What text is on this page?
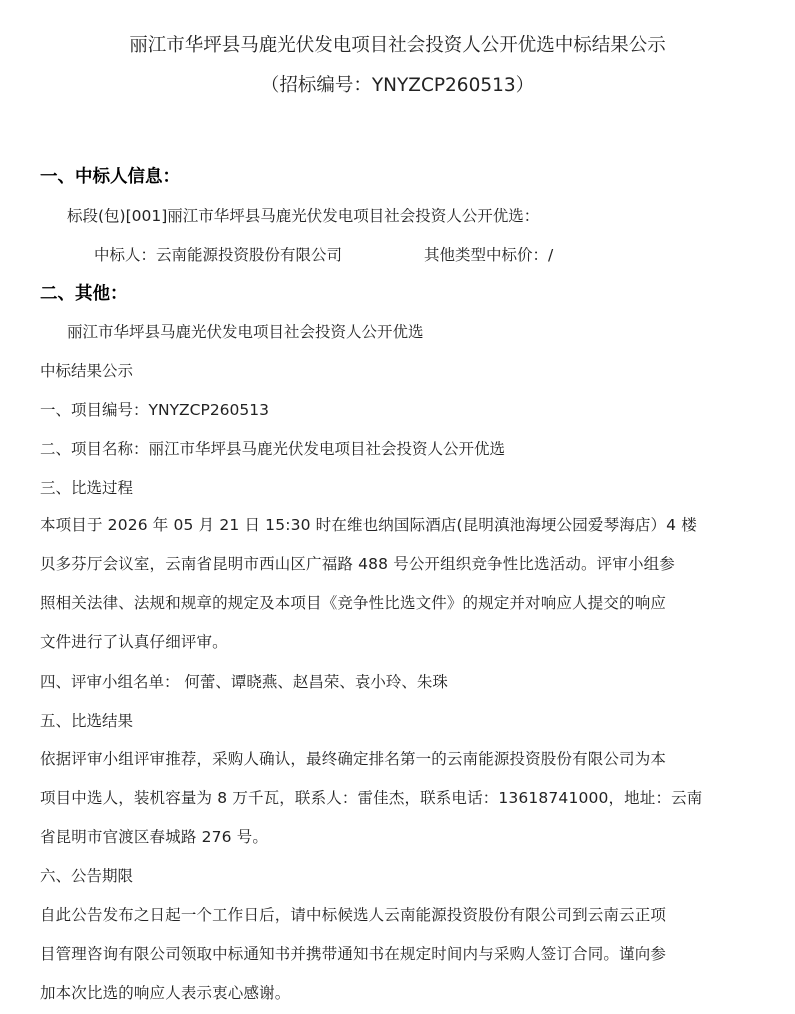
丽江市华坪县马鹿光伏发电项目社会投资人公开优选中标结果公示
（招标编号：YNYZCP260513）
一、中标人信息：
标段(包)[001]丽江市华坪县马鹿光伏发电项目社会投资人公开优选：
中标人：云南能源投资股份有限公司	其他类型中标价：/
二、其他：
丽江市华坪县马鹿光伏发电项目社会投资人公开优选
中标结果公示
一、项目编号：YNYZCP260513
二、项目名称：丽江市华坪县马鹿光伏发电项目社会投资人公开优选
三、比选过程
本项目于 2026 年 05 月 21 日 15:30 时在维也纳国际酒店(昆明滇池海埂公园爱琴海店）4 楼
贝多芬厅会议室，云南省昆明市西山区广福路 488 号公开组织竞争性比选活动。评审小组参
照相关法律、法规和规章的规定及本项目《竞争性比选文件》的规定并对响应人提交的响应
文件进行了认真仔细评审。
四、评审小组名单： 何蕾、谭晓燕、赵昌荣、袁小玲、朱珠
五、比选结果
依据评审小组评审推荐，采购人确认，最终确定排名第一的云南能源投资股份有限公司为本
项目中选人，装机容量为 8 万千瓦，联系人：雷佳杰，联系电话：13618741000，地址：云南
省昆明市官渡区春城路 276 号。
六、公告期限
自此公告发布之日起一个工作日后，请中标候选人云南能源投资股份有限公司到云南云正项
目管理咨询有限公司领取中标通知书并携带通知书在规定时间内与采购人签订合同。谨向参
加本次比选的响应人表示衷心感谢。
